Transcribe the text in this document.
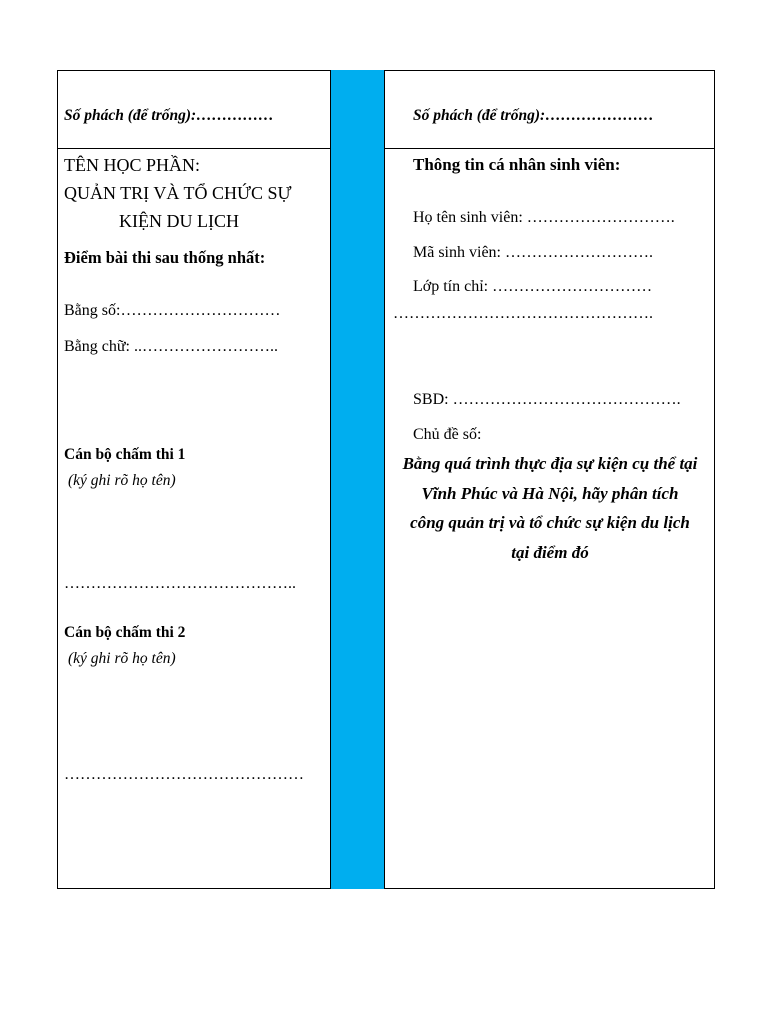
Số phách (để trống):……………	Số phách (để trống):…………………
TÊN HỌC PHẦN:
QUẢN TRỊ VÀ TỔ CHỨC SỰ
KIỆN DU LỊCH
Điểm bài thi sau thống nhất:
Bằng số:…………………………
Bằng chữ: ..……………………..
Cán bộ chấm thi 1
(ký ghi rõ họ tên)
……………………………………..
Cán bộ chấm thi 2
(ký ghi rõ họ tên)
………………………………………
Thông tin cá nhân sinh viên:
Họ tên sinh viên: ……………………….
Mã sinh viên: ……………………….
Lớp tín chỉ: …………………………
………………………………………….
SBD: …………………………………….
Chủ đề số:
Bằng quá trình thực địa sự kiện cụ thể tại
Vĩnh Phúc và Hà Nội, hãy phân tích
công quản trị và tổ chức sự kiện du lịch
tại điểm đó
